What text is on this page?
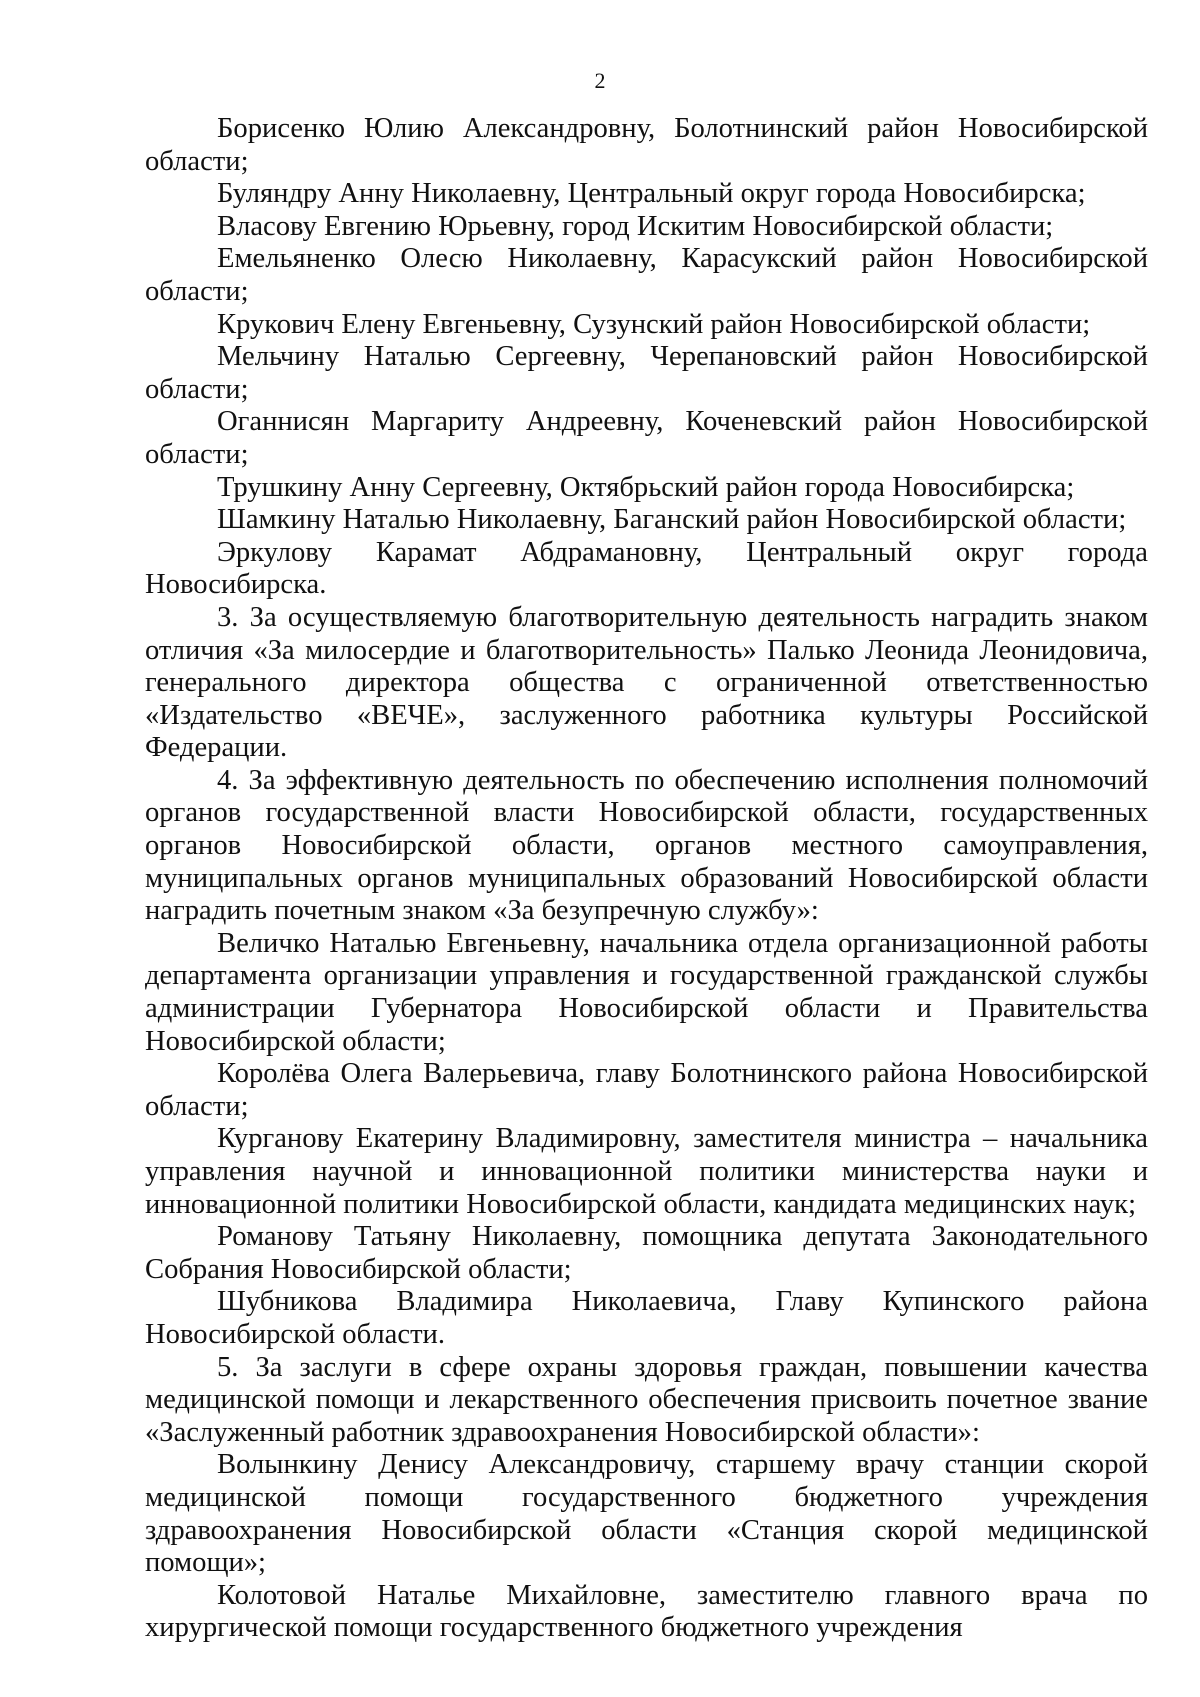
2

Борисенко Юлию Александровну, Болотнинский район Новосибирской области;

Буляндру Анну Николаевну, Центральный округ города Новосибирска;

Власову Евгению Юрьевну, город Искитим Новосибирской области;

Емельяненко Олесю Николаевну, Карасукский район Новосибирской области;

Крукович Елену Евгеньевну, Сузунский район Новосибирской области;

Мельчину Наталью Сергеевну, Черепановский район Новосибирской области;

Оганнисян Маргариту Андреевну, Коченевский район Новосибирской области;

Трушкину Анну Сергеевну, Октябрьский район города Новосибирска;

Шамкину Наталью Николаевну, Баганский район Новосибирской области;

Эркулову Карамат Абдрамановну, Центральный округ города Новосибирска.

3. За осуществляемую благотворительную деятельность наградить знаком отличия «За милосердие и благотворительность» Палько Леонида Леонидовича, генерального директора общества с ограниченной ответственностью «Издательство «ВЕЧЕ», заслуженного работника культуры Российской Федерации.

4. За эффективную деятельность по обеспечению исполнения полномочий органов государственной власти Новосибирской области, государственных органов Новосибирской области, органов местного самоуправления, муниципальных органов муниципальных образований Новосибирской области наградить почетным знаком «За безупречную службу»:

Величко Наталью Евгеньевну, начальника отдела организационной работы департамента организации управления и государственной гражданской службы администрации Губернатора Новосибирской области и Правительства Новосибирской области;

Королёва Олега Валерьевича, главу Болотнинского района Новосибирской области;

Курганову Екатерину Владимировну, заместителя министра – начальника управления научной и инновационной политики министерства науки и инновационной политики Новосибирской области, кандидата медицинских наук;

Романову Татьяну Николаевну, помощника депутата Законодательного Собрания Новосибирской области;

Шубникова Владимира Николаевича, Главу Купинского района Новосибирской области.

5. За заслуги в сфере охраны здоровья граждан, повышении качества медицинской помощи и лекарственного обеспечения присвоить почетное звание «Заслуженный работник здравоохранения Новосибирской области»:

Волынкину Денису Александровичу, старшему врачу станции скорой медицинской помощи государственного бюджетного учреждения здравоохранения Новосибирской области «Станция скорой медицинской помощи»;

Колотовой Наталье Михайловне, заместителю главного врача по хирургической помощи государственного бюджетного учреждения
